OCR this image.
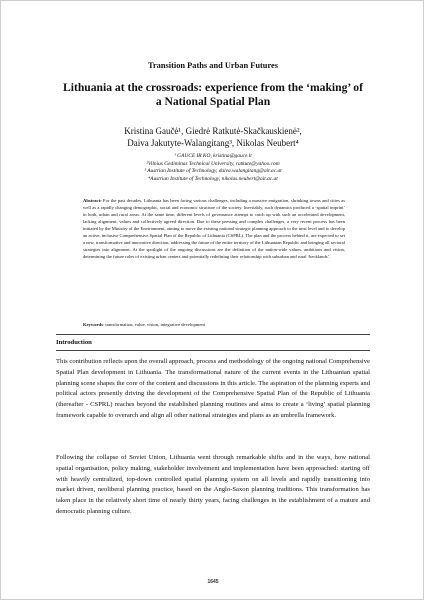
Transition Paths and Urban Futures
Lithuania at the crossroads: experience from the ‘making’ of a National Spatial Plan
Kristina Gaučė¹, Giedrė Ratkutė-Skačkauskienė²,
Daiva Jakutyte-Walangitang³, Nikolas Neubert⁴
¹ GAUCE IR KO, kristina@gauce.lt
²Vilnius Gediminas Technical University, ratkute@yahoo.com
³ Austrian Institute of Technology, daiva.walangitang@ait.ac.at
⁴Austrian Institute of Technology, nikolas.neubert@ait.ac.at

Abstract: For the past decades, Lithuania has been facing various challenges, including a massive emigration, shrinking towns and cities as well as a rapidly changing demographic, social and economic structure of the society. Inevitably, such dynamics produced a ‘spatial imprint’ in both, urban and rural areas. At the same time, different levels of governance attempt to catch up with such an accelerated development, lacking alignment, values and collectively agreed direction. Due to these pressing and complex challenges, a very recent process has been initiated by the Ministry of the Environment, aiming to move the existing national strategic planning approach to the next level and to develop an active, inclusive Comprehensive Spatial Plan of the Republic of Lithuania (CSPRL). The plan and the process behind it, are expected to set a new, transformative and innovative direction, addressing the future of the entire territory of the Lithuanian Republic and bringing all sectoral strategies into alignment. At the spotlight of the ongoing discussions are the definition of the nation-wide values, ambitions and vision, determining the future roles of existing urban centers and potentially redefining their relationship with suburban and rural ‘hecklands’.

Keywords: transformation, value, vision, integrative development
Introduction

This contribution reflects upon the overall approach, process and methodology of the ongoing national Comprehensive Spatial Plan development in Lithuania. The transformational nature of the current events in the Lithuanian spatial planning scene shapes the core of the content and discussions in this article. The aspiration of the planning experts and political actors presently driving the development of the Comprehensive Spatial Plan of the Republic of Lithuania (thereafter - CSPRL) reaches beyond the established planning routines and aims to create a ‘living’ spatial planning framework capable to overarch and align all other national strategies and plans as an umbrella framework.

Following the collapse of Soviet Union, Lithuania went through remarkable shifts and in the ways, how national spatial organisation, policy making, stakeholder involvement and implementation have been approached: starting off with heavily centralized, top-down controlled spatial planning system on all levels and rapidly transitioning into market driven, neoliberal planning practice, based on the Anglo-Saxon planning traditions. This transformation has taken place in the relatively short time of nearly thirty years, facing challenges in the establishment of a mature and democratic planning culture.

1645
